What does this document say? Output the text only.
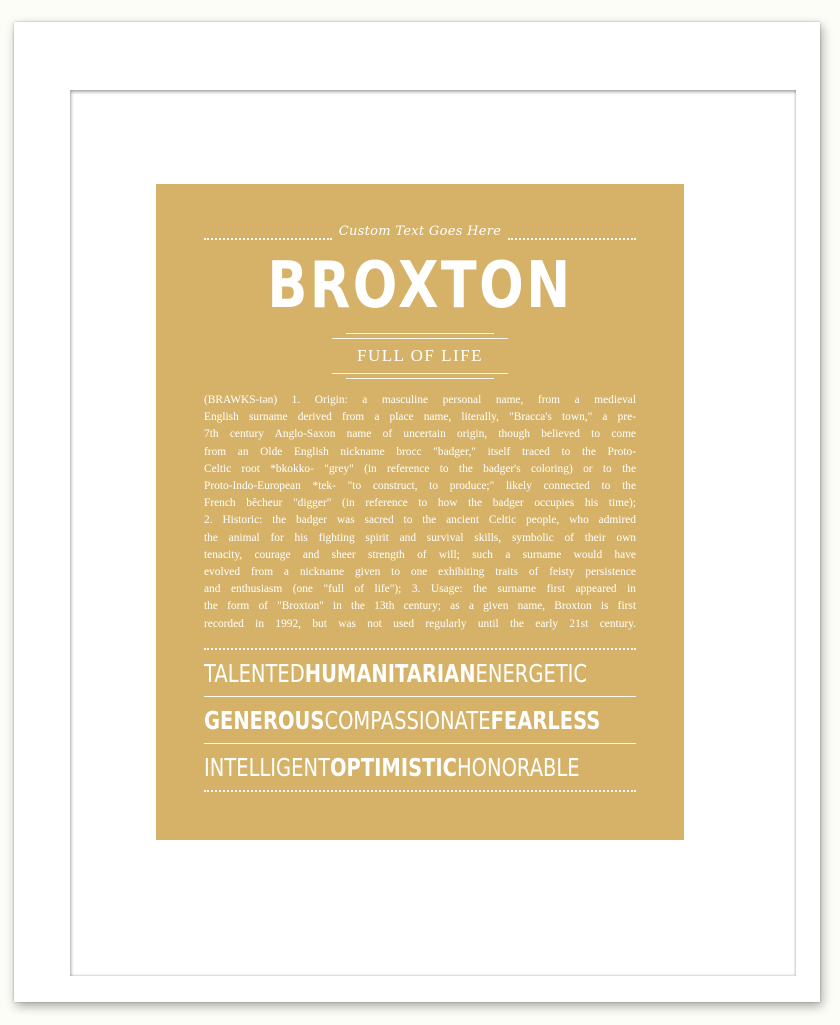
Custom Text Goes Here
BROXTON
FULL OF LIFE
(BRAWKS-tən) 1. Origin: a masculine personal name, from a medieval
English surname derived from a place name, literally, "Bracca's town," a pre-
7th century Anglo-Saxon name of uncertain origin, though believed to come
from an Olde English nickname brocc "badger," itself traced to the Proto-
Celtic root *bkokko- "grey" (in reference to the badger's coloring) or to the
Proto-Indo-European *tek- "to construct, to produce;" likely connected to the
French bêcheur "digger" (in reference to how the badger occupies his time);
2. Historic: the badger was sacred to the ancient Celtic people, who admired
the animal for his fighting spirit and survival skills, symbolic of their own
tenacity, courage and sheer strength of will; such a surname would have
evolved from a nickname given to one exhibiting traits of feisty persistence
and enthusiasm (one "full of life"); 3. Usage: the surname first appeared in
the form of "Broxton" in the 13th century; as a given name, Broxton is first
recorded in 1992, but was not used regularly until the early 21st century.
TALENTED HUMANITARIAN ENERGETIC
GENEROUS COMPASSIONATE FEARLESS
INTELLIGENT OPTIMISTIC HONORABLE
